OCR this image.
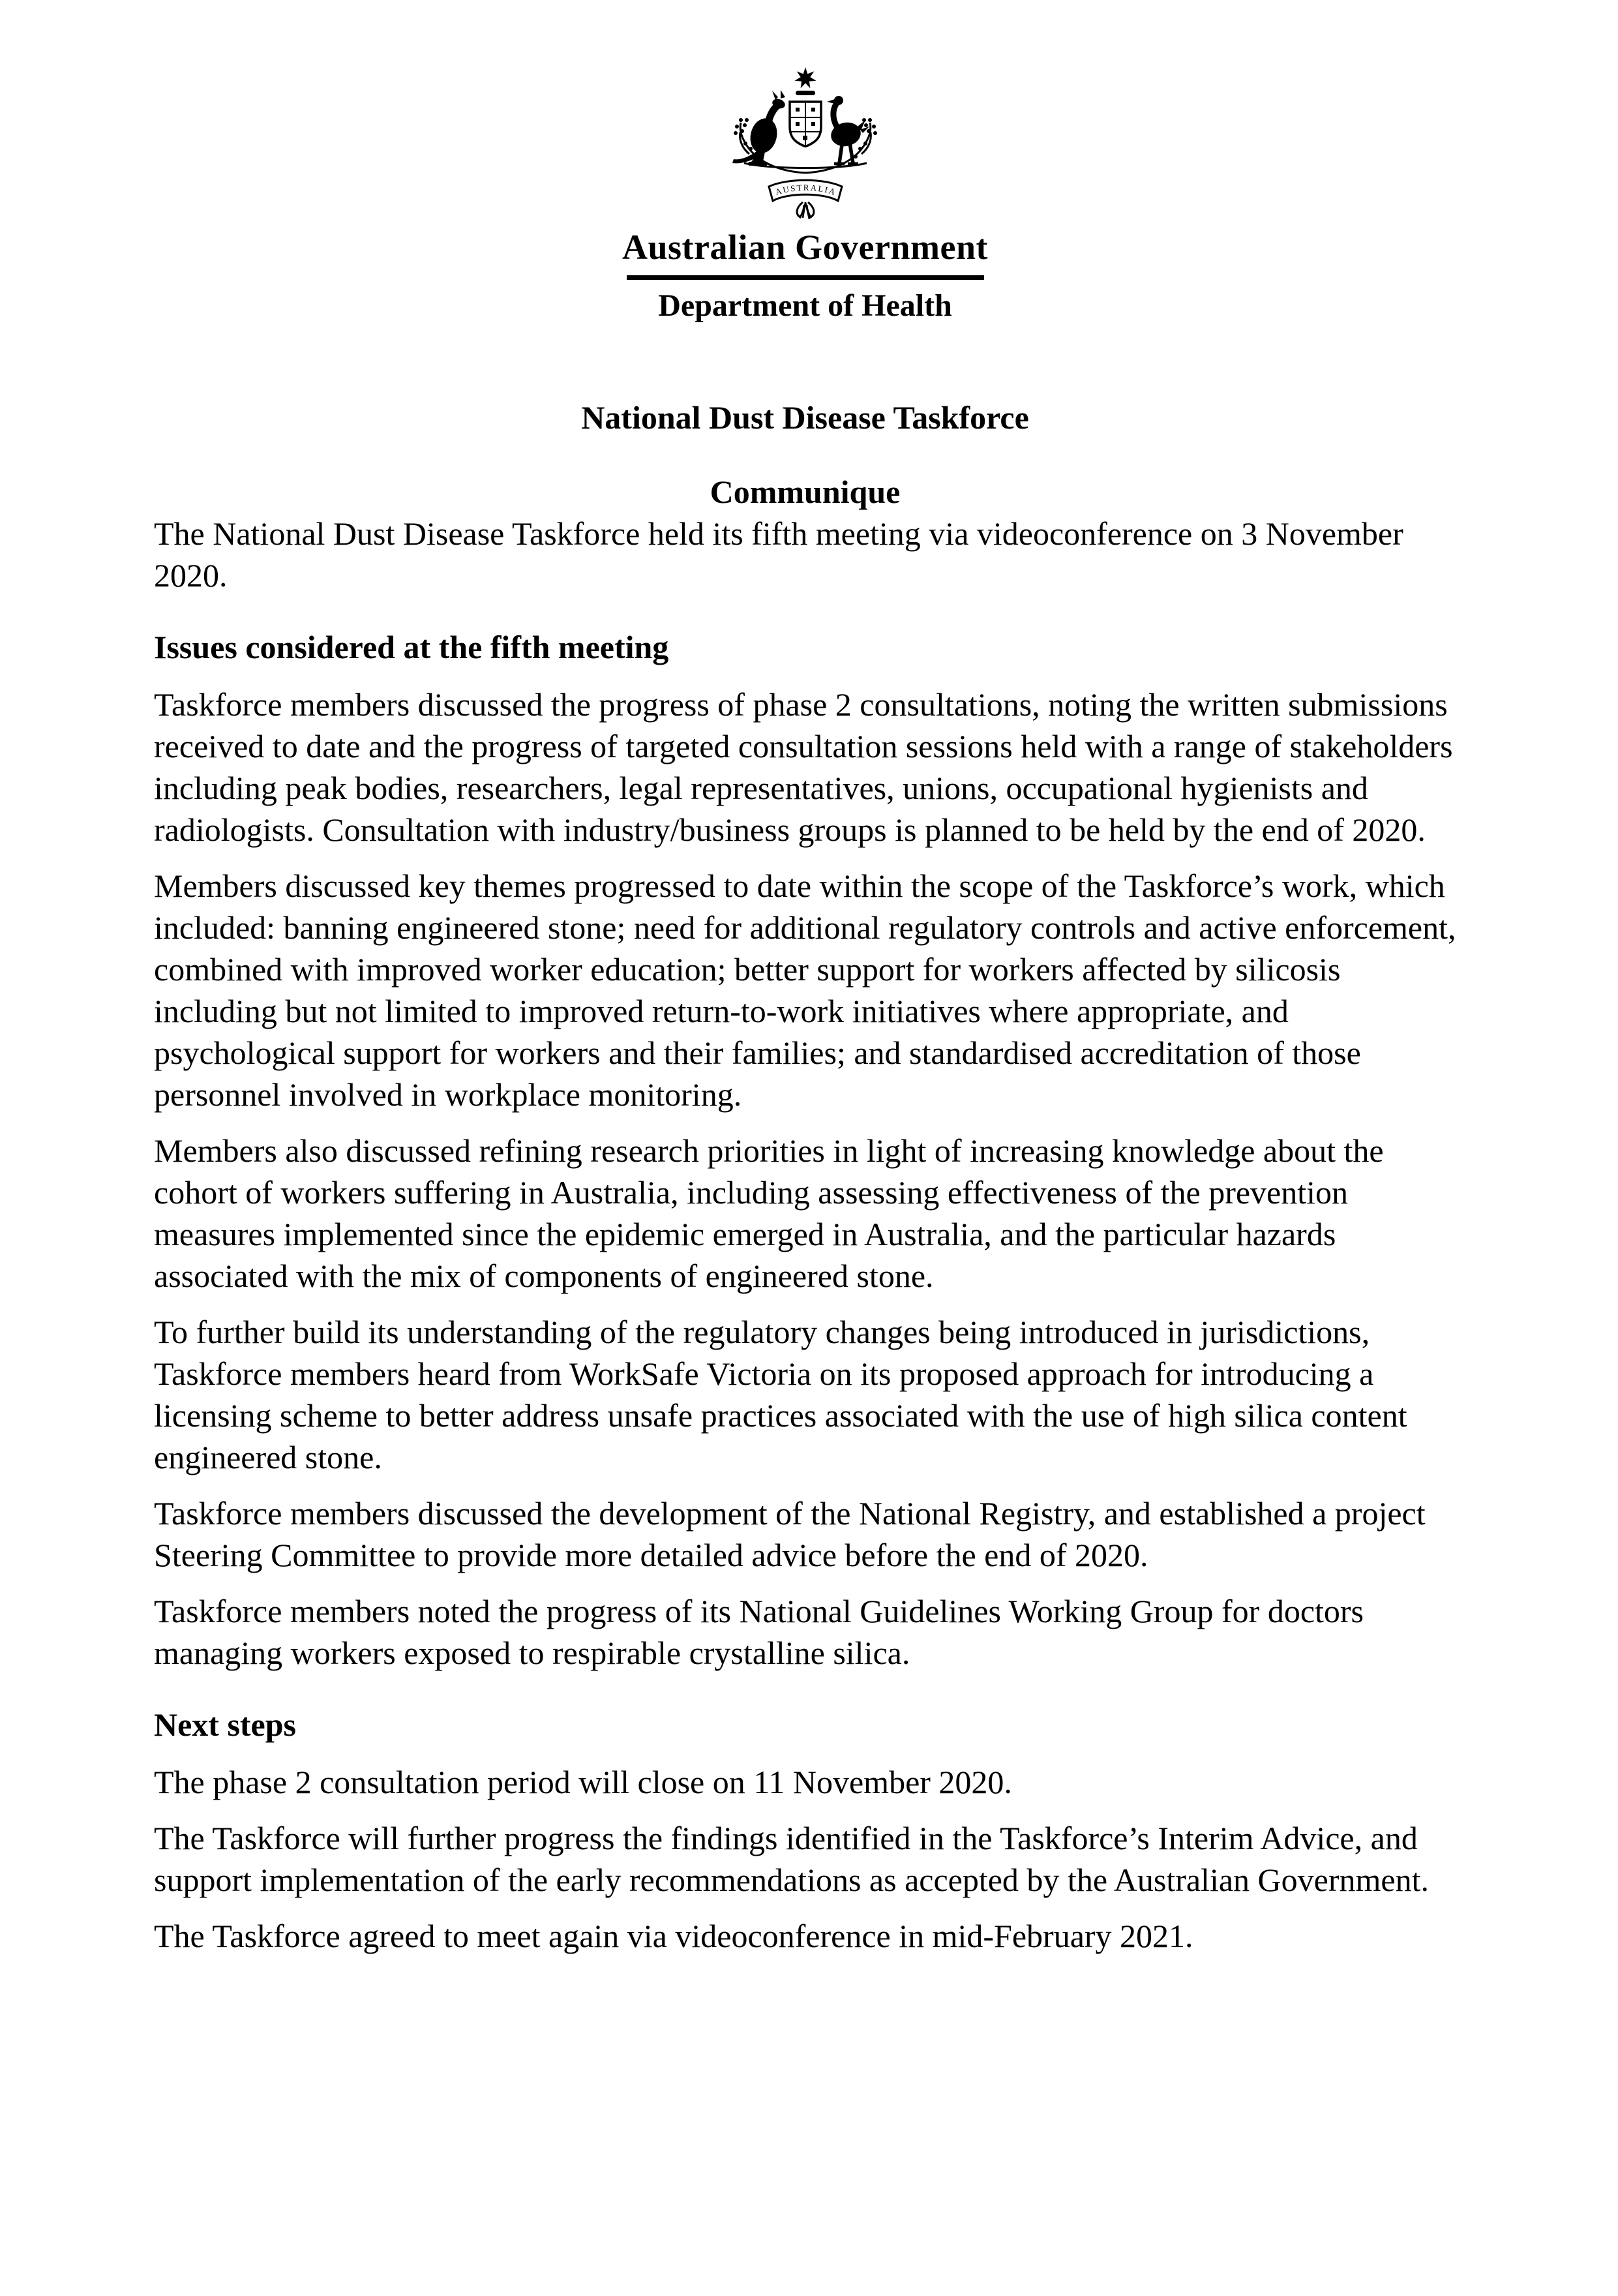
AUSTRALIA
Australian Government
Department of Health
National Dust Disease Taskforce
Communique

The National Dust Disease Taskforce held its fifth meeting via videoconference on 3 November 2020.

Issues considered at the fifth meeting

Taskforce members discussed the progress of phase 2 consultations, noting the written submissions received to date and the progress of targeted consultation sessions held with a range of stakeholders including peak bodies, researchers, legal representatives, unions, occupational hygienists and radiologists. Consultation with industry/business groups is planned to be held by the end of 2020.

Members discussed key themes progressed to date within the scope of the Taskforce’s work, which included: banning engineered stone; need for additional regulatory controls and active enforcement, combined with improved worker education; better support for workers affected by silicosis including but not limited to improved return-to-work initiatives where appropriate, and psychological support for workers and their families; and standardised accreditation of those personnel involved in workplace monitoring.

Members also discussed refining research priorities in light of increasing knowledge about the cohort of workers suffering in Australia, including assessing effectiveness of the prevention measures implemented since the epidemic emerged in Australia, and the particular hazards associated with the mix of components of engineered stone.

To further build its understanding of the regulatory changes being introduced in jurisdictions, Taskforce members heard from WorkSafe Victoria on its proposed approach for introducing a licensing scheme to better address unsafe practices associated with the use of high silica content engineered stone.

Taskforce members discussed the development of the National Registry, and established a project Steering Committee to provide more detailed advice before the end of 2020.

Taskforce members noted the progress of its National Guidelines Working Group for doctors managing workers exposed to respirable crystalline silica.

Next steps

The phase 2 consultation period will close on 11 November 2020.

The Taskforce will further progress the findings identified in the Taskforce’s Interim Advice, and support implementation of the early recommendations as accepted by the Australian Government.

The Taskforce agreed to meet again via videoconference in mid-February 2021.
